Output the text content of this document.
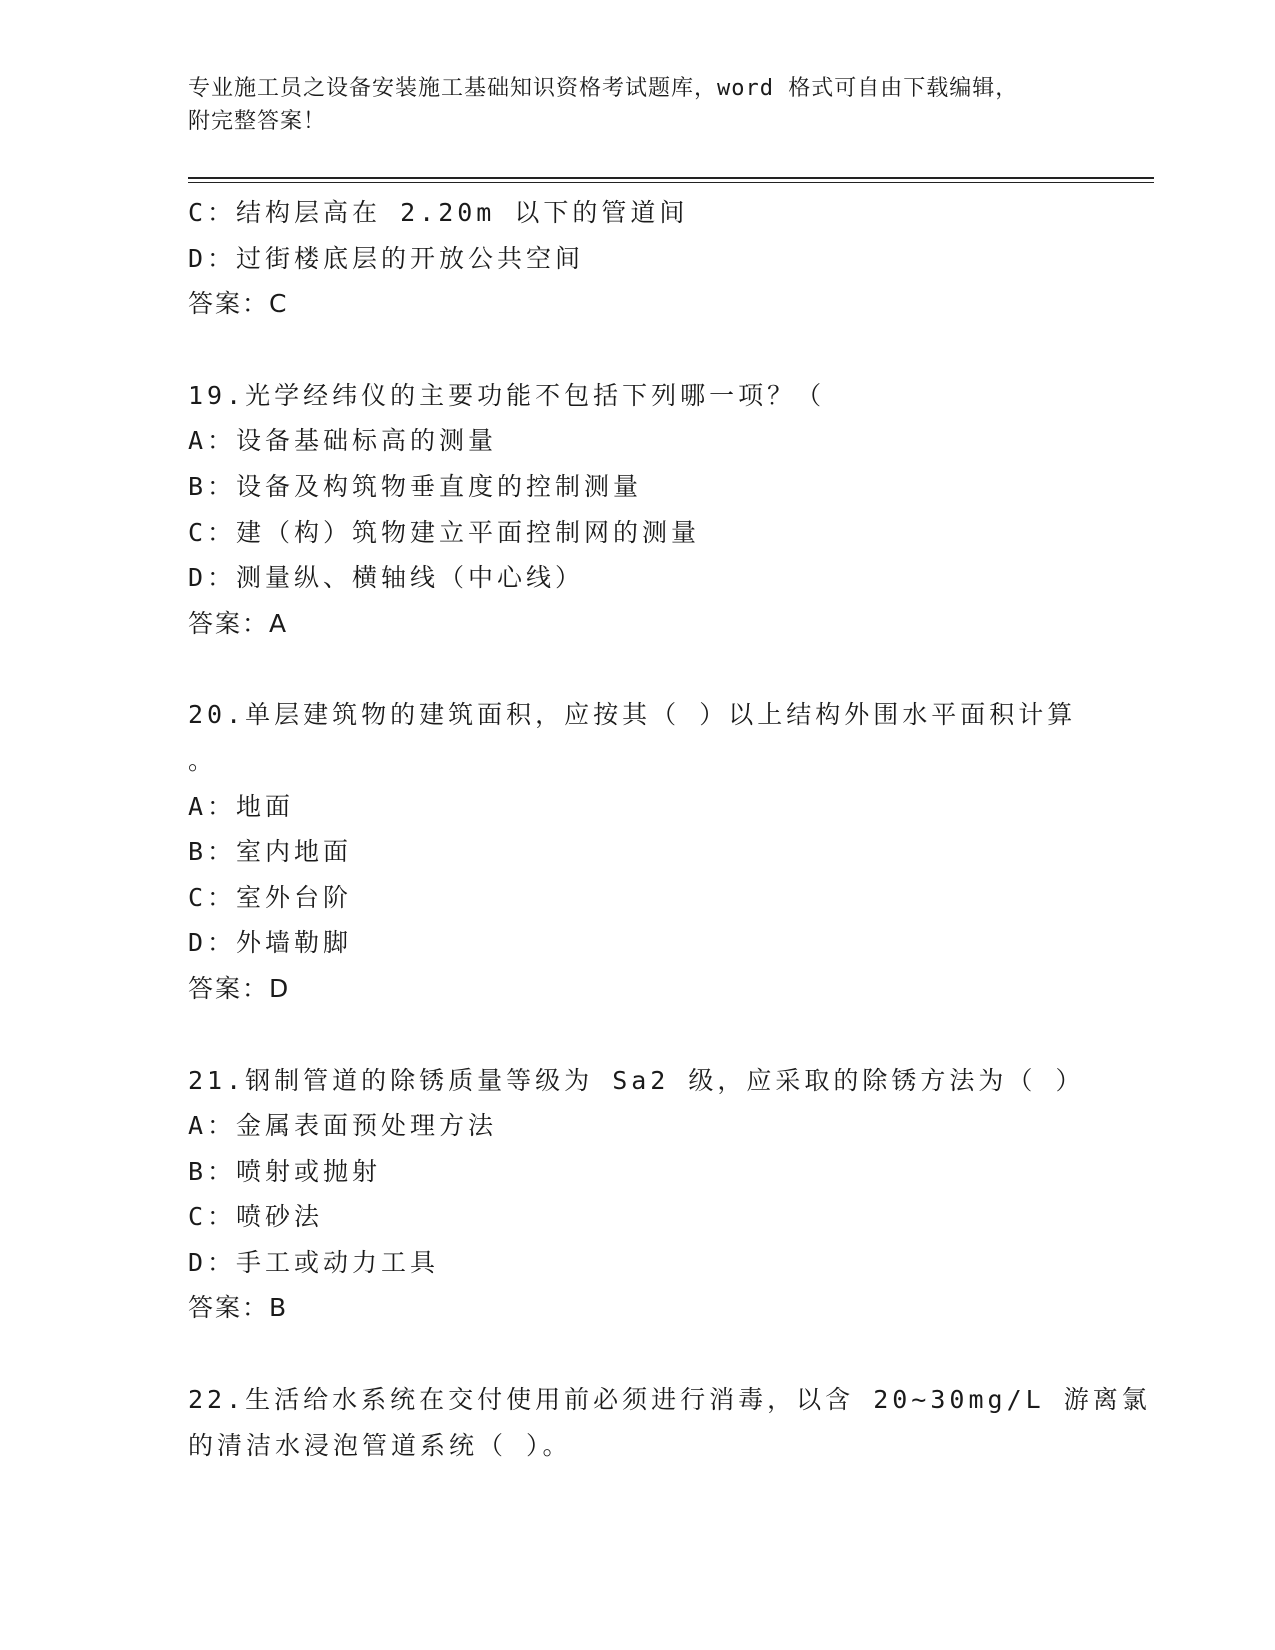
专业施工员之设备安装施工基础知识资格考试题库，word 格式可自由下载编辑，
附完整答案！
C：结构层高在 2.20m 以下的管道间
D：过街楼底层的开放公共空间
答案：C
19.光学经纬仪的主要功能不包括下列哪一项？（
A：设备基础标高的测量
B：设备及构筑物垂直度的控制测量
C：建（构）筑物建立平面控制网的测量
D：测量纵、横轴线（中心线）
答案：A
20.单层建筑物的建筑面积，应按其（ ）以上结构外围水平面积计算
。
A：地面
B：室内地面
C：室外台阶
D：外墙勒脚
答案：D
21.钢制管道的除锈质量等级为 Sa2 级，应采取的除锈方法为（ ）
A：金属表面预处理方法
B：喷射或抛射
C：喷砂法
D：手工或动力工具
答案：B
22.生活给水系统在交付使用前必须进行消毒，以含 20~30mg/L 游离氯
的清洁水浸泡管道系统（ ）。
